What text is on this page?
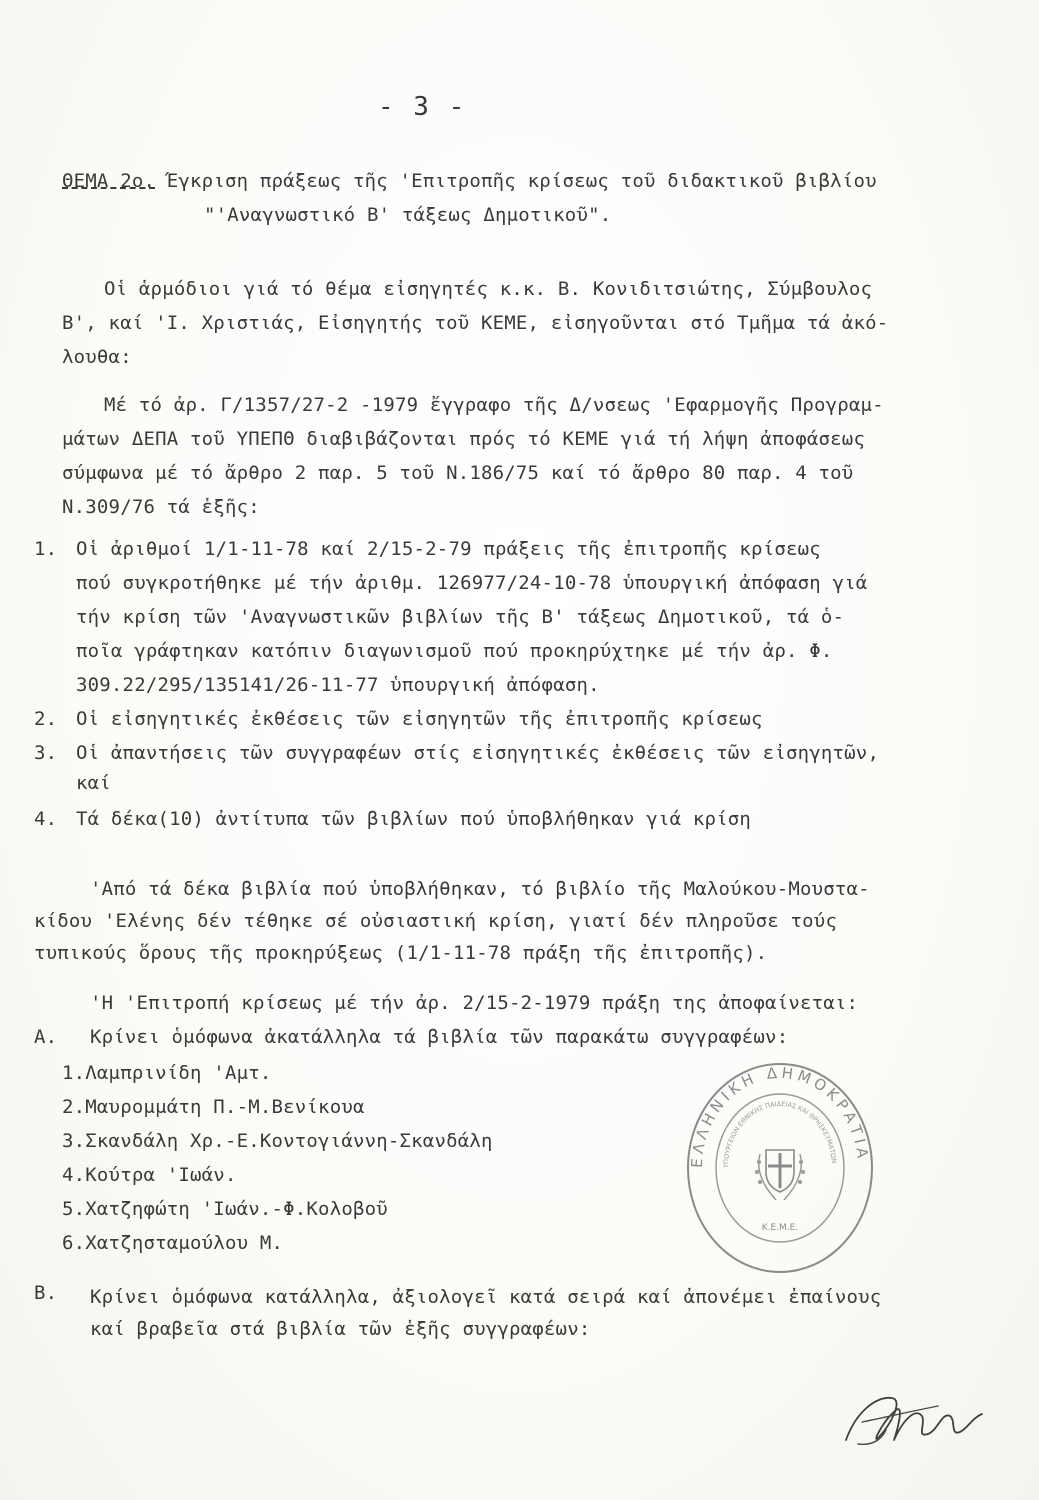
- 3 -
ΘΕΜΑ 2ο. Έγκριση πράξεως τῆς 'Επιτροπῆς κρίσεως τοῦ διδακτικοῦ βιβλίου
"'Αναγνωστικό Β' τάξεως Δημοτικοῦ".
Οἱ ἁρμόδιοι γιά τό θέμα εἰσηγητές κ.κ. Β. Κονιδιτσιώτης, Σύμβουλος
Β', καί 'Ι. Χριστιάς, Εἰσηγητής τοῦ ΚΕΜΕ, εἰσηγοῦνται στό Τμῆμα τά ἀκό-
λουθα:
Μέ τό ἀρ. Γ/1357/27-2 -1979 ἔγγραφο τῆς Δ/νσεως 'Εφαρμογῆς Προγραμ-
μάτων ΔΕΠΑ τοῦ ΥΠΕΠΘ διαβιβάζονται πρός τό ΚΕΜΕ γιά τή λήψη ἀποφάσεως
σύμφωνα μέ τό ἄρθρο 2 παρ. 5 τοῦ Ν.186/75 καί τό ἄρθρο 80 παρ. 4 τοῦ
Ν.309/76 τά ἑξῆς:
1. Οἱ ἀριθμοί 1/1-11-78 καί 2/15-2-79 πράξεις τῆς ἐπιτροπῆς κρίσεως
πού συγκροτήθηκε μέ τήν ἀριθμ. 126977/24-10-78 ὑπουργική ἀπόφαση γιά
τήν κρίση τῶν 'Αναγνωστικῶν βιβλίων τῆς Β' τάξεως Δημοτικοῦ, τά ὁ-
ποῖα γράφτηκαν κατόπιν διαγωνισμοῦ πού προκηρύχτηκε μέ τήν ἀρ. Φ.
309.22/295/135141/26-11-77 ὑπουργική ἀπόφαση.
2. Οἱ εἰσηγητικές ἐκθέσεις τῶν εἰσηγητῶν τῆς ἐπιτροπῆς κρίσεως
3. Οἱ ἀπαντήσεις τῶν συγγραφέων στίς εἰσηγητικές ἐκθέσεις τῶν εἰσηγητῶν,
καί
4. Τά δέκα(10) ἀντίτυπα τῶν βιβλίων πού ὑποβλήθηκαν γιά κρίση
'Από τά δέκα βιβλία πού ὑποβλήθηκαν, τό βιβλίο τῆς Μαλούκου-Μουστα-
κίδου 'Ελένης δέν τέθηκε σέ οὐσιαστική κρίση, γιατί δέν πληροῦσε τούς
τυπικούς ὅρους τῆς προκηρύξεως (1/1-11-78 πράξη τῆς ἐπιτροπῆς).
'Η 'Επιτροπή κρίσεως μέ τήν ἀρ. 2/15-2-1979 πράξη της ἀποφαίνεται:
Α. Κρίνει ὁμόφωνα ἀκατάλληλα τά βιβλία τῶν παρακάτω συγγραφέων:
1.Λαμπρινίδη 'Αμτ.
2.Μαυρομμάτη Π.-Μ.Βενίκουα
3.Σκανδάλη Χρ.-Ε.Κοντογιάννη-Σκανδάλη
4.Κούτρα 'Ιωάν.
5.Χατζηφώτη 'Ιωάν.-Φ.Κολοβοῦ
6.Χατζησταμούλου Μ.
Β. Κρίνει ὁμόφωνα κατάλληλα, ἀξιολογεῖ κατά σειρά καί ἀπονέμει ἐπαίνους
καί βραβεῖα στά βιβλία τῶν ἑξῆς συγγραφέων:
ΕΛΛΗΝΙΚΗ ΔΗΜΟΚΡΑΤΙΑ
ΥΠΟΥΡΓΕΙΟΝ ΕΘΝΙΚΗΣ ΠΑΙΔΕΙΑΣ ΚΑΙ ΘΡΗΣΚΕΥΜΑΤΩΝ
Κ.Ε.Μ.Ε.
